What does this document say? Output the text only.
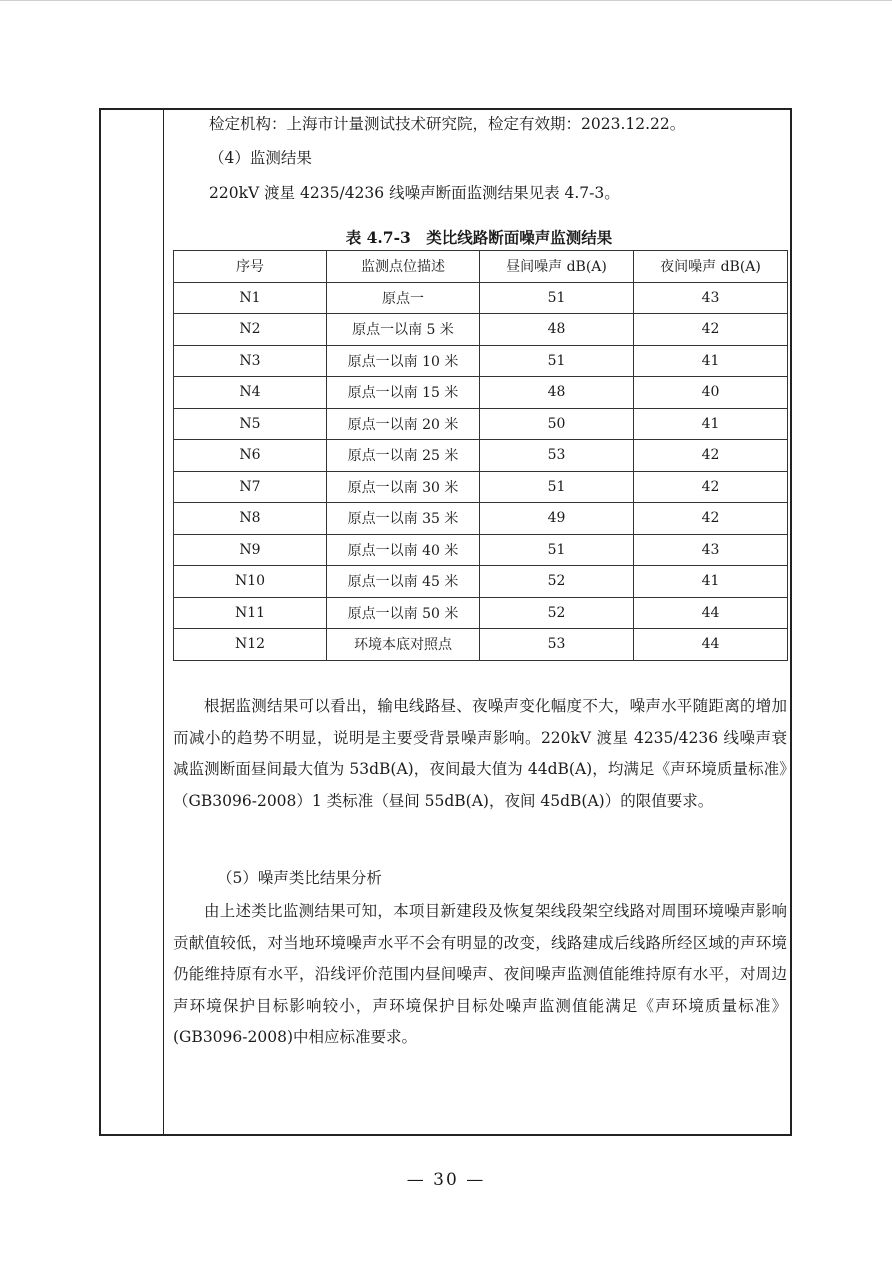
检定机构：上海市计量测试技术研究院，检定有效期：2023.12.22。
（4）监测结果
220kV 渡星 4235/4236 线噪声断面监测结果见表 4.7-3。
表 4.7-3　类比线路断面噪声监测结果
序号	监测点位描述	昼间噪声 dB(A)	夜间噪声 dB(A)
N1	原点一	51	43
N2	原点一以南 5 米	48	42
N3	原点一以南 10 米	51	41
N4	原点一以南 15 米	48	40
N5	原点一以南 20 米	50	41
N6	原点一以南 25 米	53	42
N7	原点一以南 30 米	51	42
N8	原点一以南 35 米	49	42
N9	原点一以南 40 米	51	43
N10	原点一以南 45 米	52	41
N11	原点一以南 50 米	52	44
N12	环境本底对照点	53	44
根据监测结果可以看出，输电线路昼、夜噪声变化幅度不大，噪声水平随距离的增加而减小的趋势不明显，说明是主要受背景噪声影响。220kV 渡星 4235/4236 线噪声衰减监测断面昼间最大值为 53dB(A)，夜间最大值为 44dB(A)，均满足《声环境质量标准》（GB3096-2008）1 类标准（昼间 55dB(A)，夜间 45dB(A)）的限值要求。
（5）噪声类比结果分析
由上述类比监测结果可知，本项目新建段及恢复架线段架空线路对周围环境噪声影响贡献值较低，对当地环境噪声水平不会有明显的改变，线路建成后线路所经区域的声环境仍能维持原有水平，沿线评价范围内昼间噪声、夜间噪声监测值能维持原有水平，对周边声环境保护目标影响较小，声环境保护目标处噪声监测值能满足《声环境质量标准》(GB3096-2008)中相应标准要求。
— 30 —
